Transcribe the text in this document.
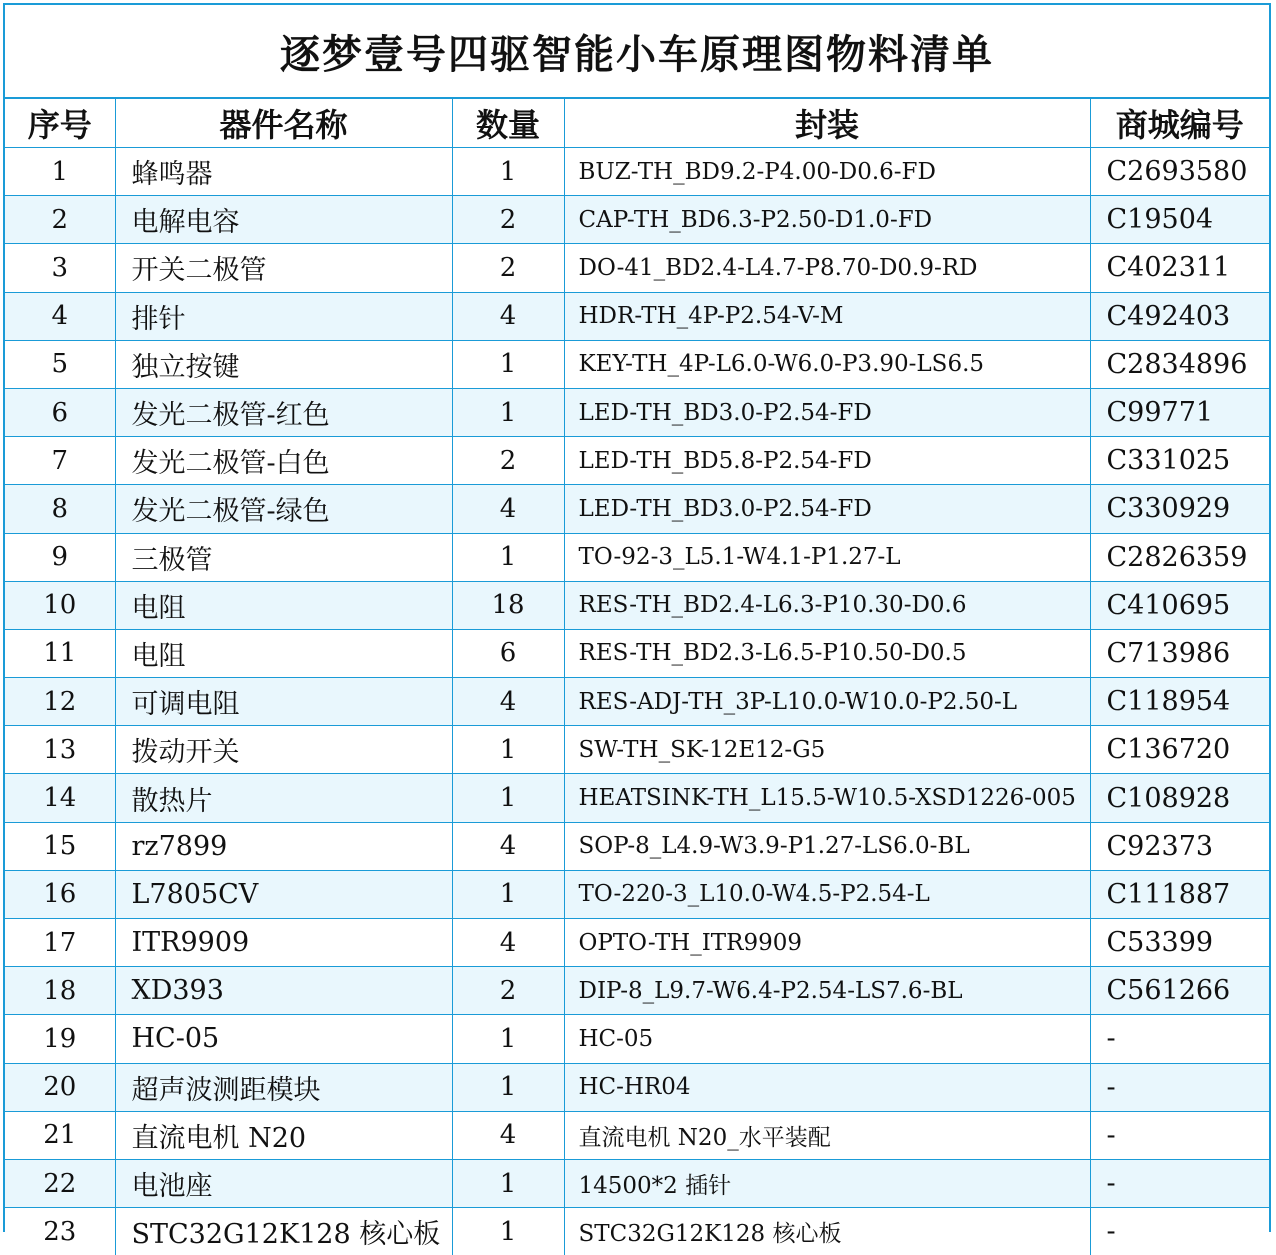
逐梦壹号四驱智能小车原理图物料清单
序号	器件名称	数量	封装	商城编号
1	蜂鸣器	1	BUZ-TH_BD9.2-P4.00-D0.6-FD	C2693580
2	电解电容	2	CAP-TH_BD6.3-P2.50-D1.0-FD	C19504
3	开关二极管	2	DO-41_BD2.4-L4.7-P8.70-D0.9-RD	C402311
4	排针	4	HDR-TH_4P-P2.54-V-M	C492403
5	独立按键	1	KEY-TH_4P-L6.0-W6.0-P3.90-LS6.5	C2834896
6	发光二极管-红色	1	LED-TH_BD3.0-P2.54-FD	C99771
7	发光二极管-白色	2	LED-TH_BD5.8-P2.54-FD	C331025
8	发光二极管-绿色	4	LED-TH_BD3.0-P2.54-FD	C330929
9	三极管	1	TO-92-3_L5.1-W4.1-P1.27-L	C2826359
10	电阻	18	RES-TH_BD2.4-L6.3-P10.30-D0.6	C410695
11	电阻	6	RES-TH_BD2.3-L6.5-P10.50-D0.5	C713986
12	可调电阻	4	RES-ADJ-TH_3P-L10.0-W10.0-P2.50-L	C118954
13	拨动开关	1	SW-TH_SK-12E12-G5	C136720
14	散热片	1	HEATSINK-TH_L15.5-W10.5-XSD1226-005	C108928
15	rz7899	4	SOP-8_L4.9-W3.9-P1.27-LS6.0-BL	C92373
16	L7805CV	1	TO-220-3_L10.0-W4.5-P2.54-L	C111887
17	ITR9909	4	OPTO-TH_ITR9909	C53399
18	XD393	2	DIP-8_L9.7-W6.4-P2.54-LS7.6-BL	C561266
19	HC-05	1	HC-05	-
20	超声波测距模块	1	HC-HR04	-
21	直流电机 N20	4	直流电机 N20_水平装配	-
22	电池座	1	14500*2 插针	-
23	STC32G12K128 核心板	1	STC32G12K128 核心板	-
